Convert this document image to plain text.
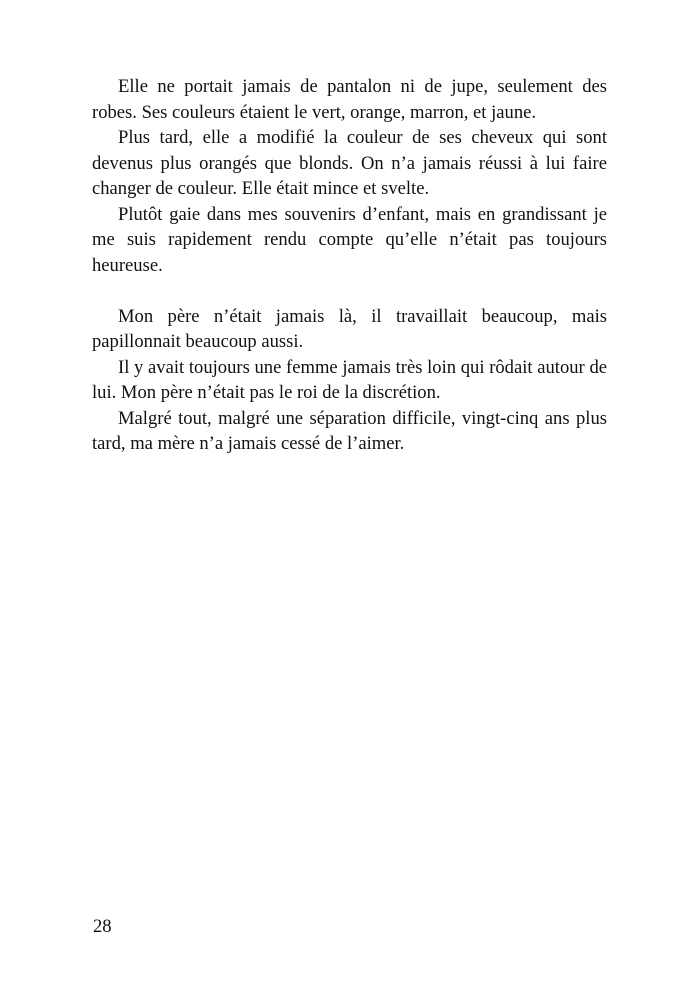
Elle ne portait jamais de pantalon ni de jupe, seulement des robes. Ses couleurs étaient le vert, orange, marron, et jaune.

Plus tard, elle a modifié la couleur de ses cheveux qui sont devenus plus orangés que blonds. On n’a jamais réussi à lui faire changer de couleur. Elle était mince et svelte.

Plutôt gaie dans mes souvenirs d’enfant, mais en grandissant je me suis rapidement rendu compte qu’elle n’était pas toujours heureuse.

Mon père n’était jamais là, il travaillait beaucoup, mais papillonnait beaucoup aussi.

Il y avait toujours une femme jamais très loin qui rôdait autour de lui. Mon père n’était pas le roi de la discrétion.

Malgré tout, malgré une séparation difficile, vingt-cinq ans plus tard, ma mère n’a jamais cessé de l’aimer.

28
